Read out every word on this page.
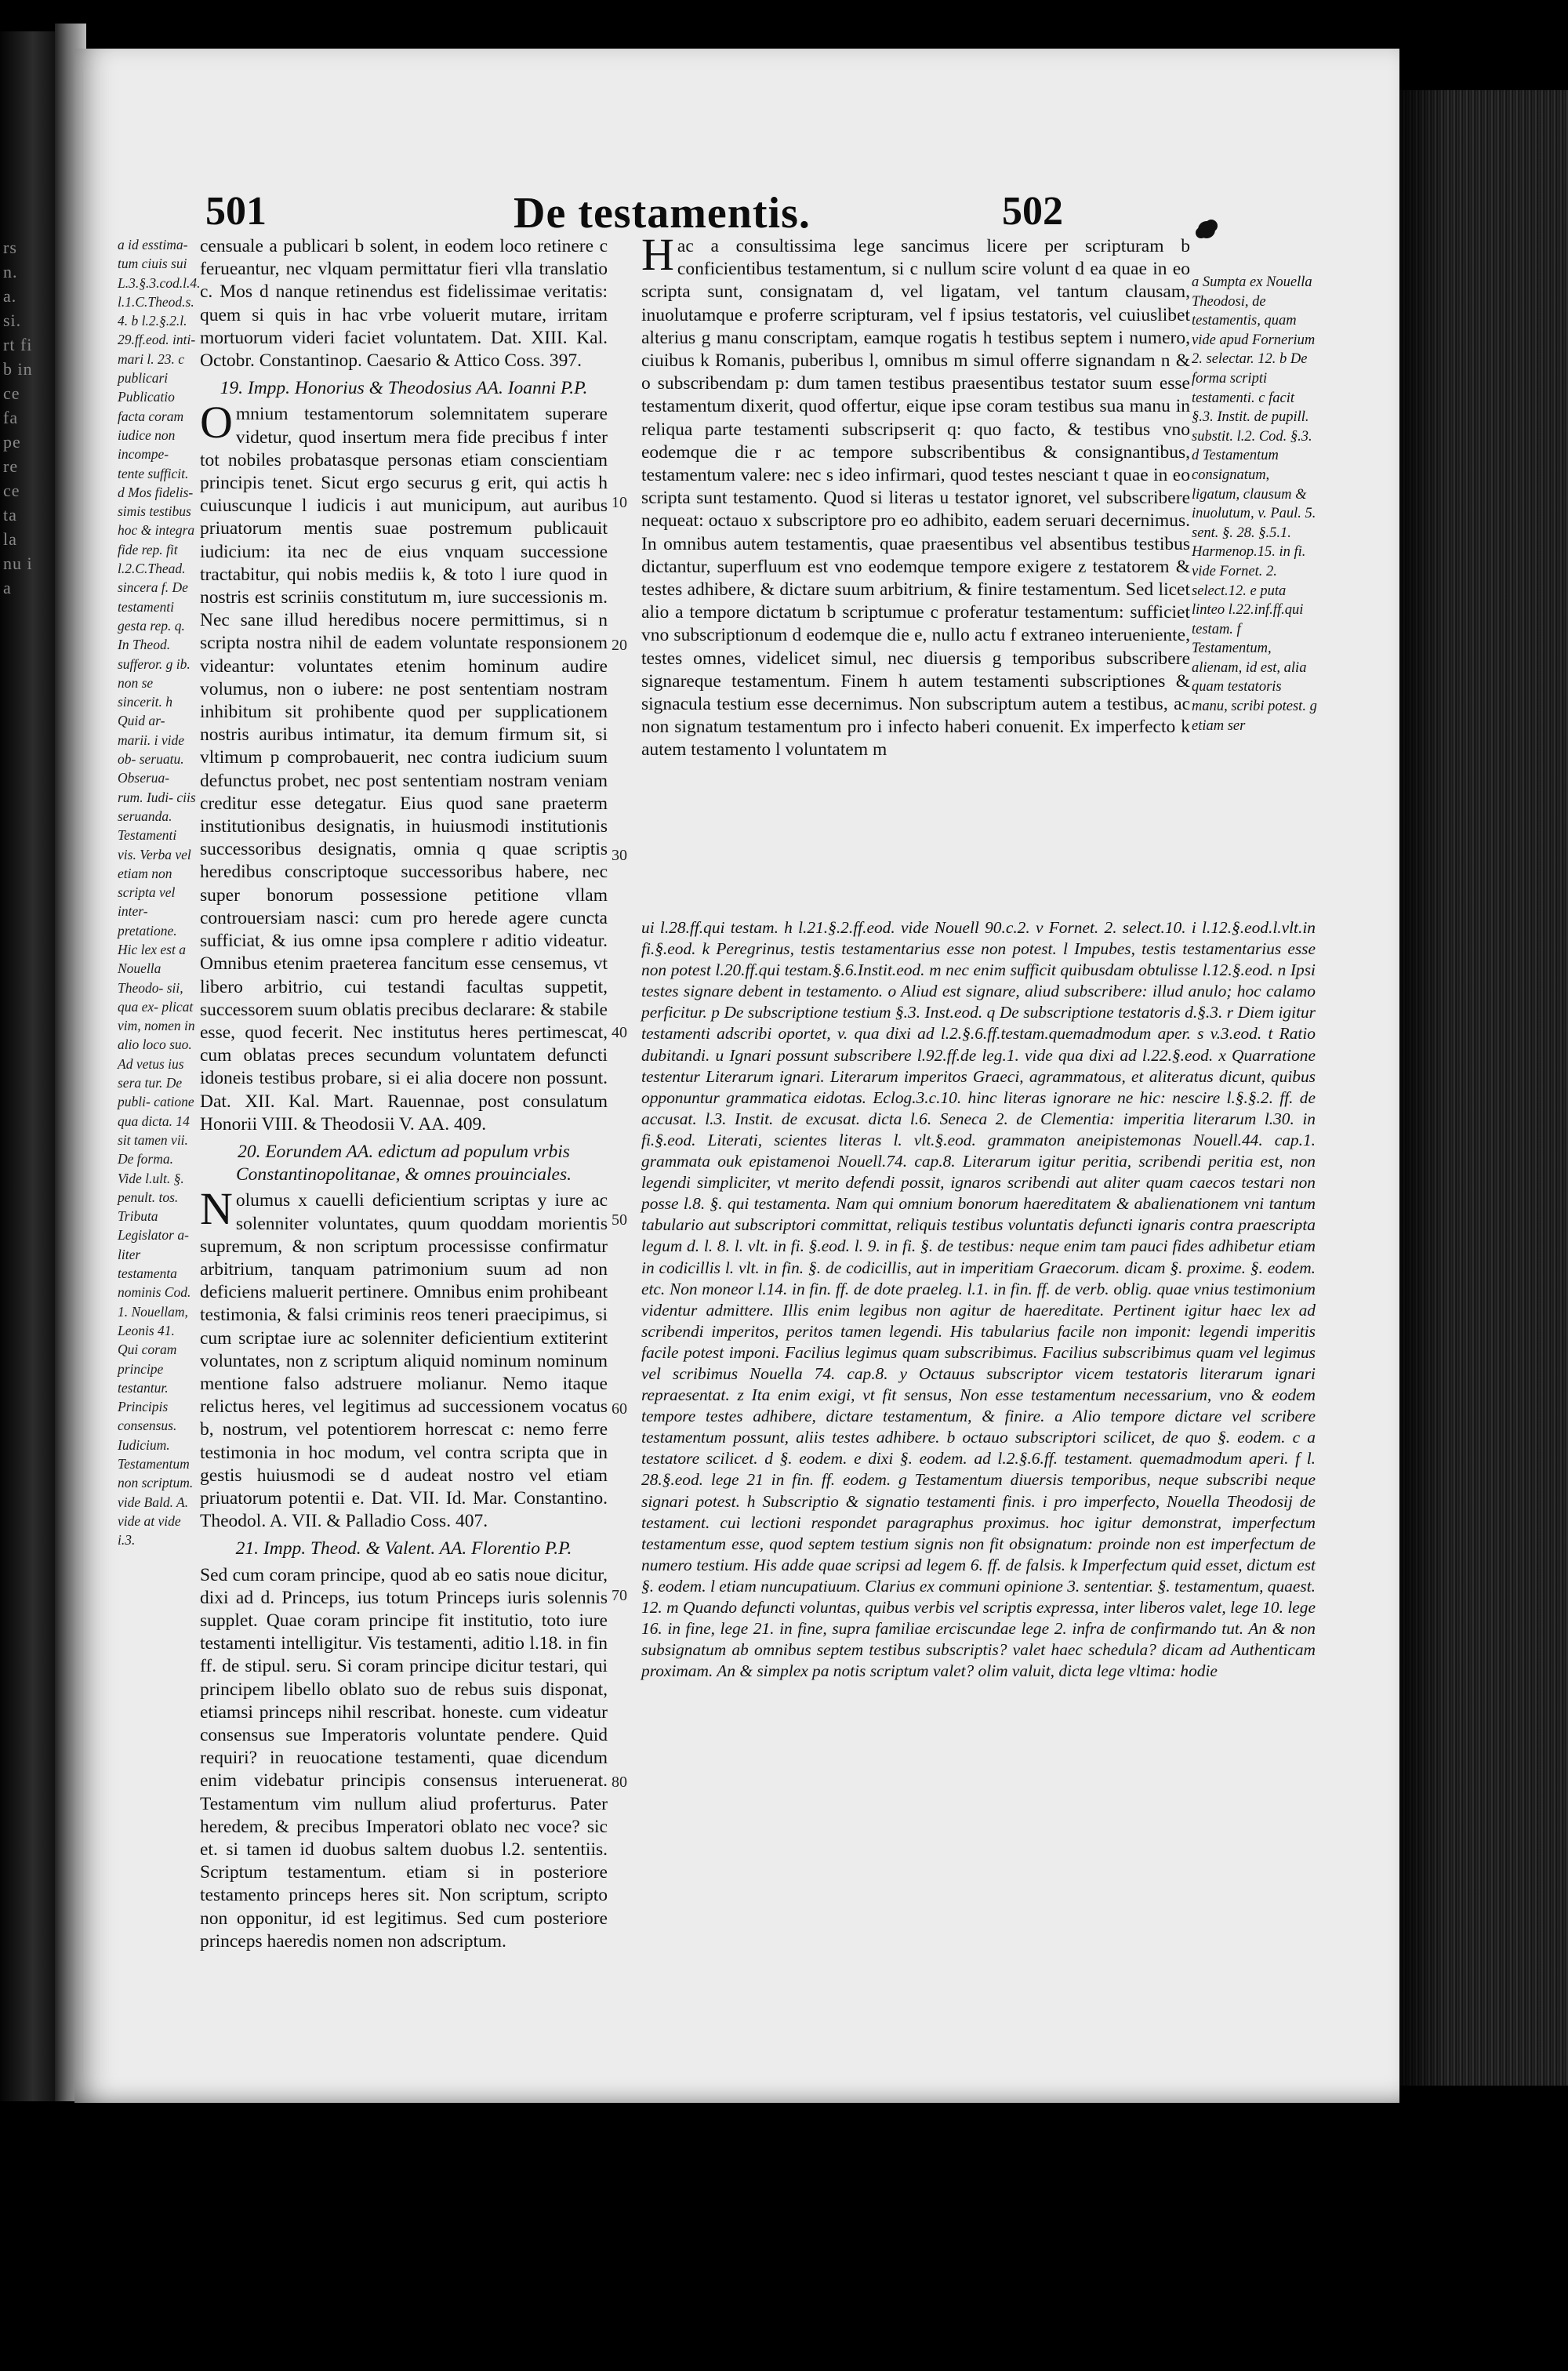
rs n. a. si. rt fi b in ce fa pe re ce ta la nu i a
501	De testamentis.	502
a id esstima- tum ciuis sui L.3.§.3.cod.l.4. l.1.C.Theod.s. 4. b l.2.§.2.l. 29.ff.eod. inti- mari l. 23. c publicari Publicatio facta coram iudice non incompe- tente sufficit. d Mos fidelis- simis testibus hoc & integra fide rep. fit l.2.C.Thead. sincera f. De testamenti gesta rep. q. In Theod. sufferor. g ib. non se sincerit. h Quid ar- marii. i vide ob- seruatu. Obserua- rum. Iudi- ciis seruanda. Testamenti vis. Verba vel etiam non scripta vel inter- pretatione. Hic lex est a Nouella Theodo- sii, qua ex- plicat vim, nomen in alio loco suo. Ad vetus ius sera tur. De publi- catione qua dicta. 14 sit tamen vii. De forma. Vide l.ult. §. penult. tos. Tributa Legislator a- liter testamenta nominis Cod. 1. Nouellam, Leonis 41. Qui coram principe testantur. Principis consensus. Iudicium. Testamentum non scriptum. vide Bald. A. vide at vide i.3.

censuale a publicari b solent, in eodem loco retinere c ferueantur, nec vlquam permittatur fieri vlla translatio c. Mos d nanque retinendus est fidelissimae veritatis: quem si quis in hac vrbe voluerit mutare, irritam mortuorum videri faciet voluntatem. Dat. XIII. Kal. Octobr. Constantinop. Caesario & Attico Coss. 397.

19. Impp. Honorius & Theodosius AA. Ioanni P.P.

Omnium testamentorum solemnitatem superare videtur, quod insertum mera fide precibus f inter tot nobiles probatasque personas etiam conscientiam principis tenet. Sicut ergo securus g erit, qui actis h cuiuscunque l iudicis i aut municipum, aut auribus priuatorum mentis suae postremum publicauit iudicium: ita nec de eius vnquam successione tractabitur, qui nobis mediis k, & toto l iure quod in nostris est scriniis constitutum m, iure successionis m. Nec sane illud heredibus nocere permittimus, si n scripta nostra nihil de eadem voluntate responsionem videantur: voluntates etenim hominum audire volumus, non o iubere: ne post sententiam nostram inhibitum sit prohibente quod per supplicationem nostris auribus intimatur, ita demum firmum sit, si vltimum p comprobauerit, nec contra iudicium suum defunctus probet, nec post sententiam nostram veniam creditur esse detegatur. Eius quod sane praeterm institutionibus designatis, in huiusmodi institutionis successoribus designatis, omnia q quae scriptis heredibus conscriptoque successoribus habere, nec super bonorum possessione petitione vllam controuersiam nasci: cum pro herede agere cuncta sufficiat, & ius omne ipsa complere r aditio videatur. Omnibus etenim praeterea fancitum esse censemus, vt libero arbitrio, cui testandi facultas suppetit, successorem suum oblatis precibus declarare: & stabile esse, quod fecerit. Nec institutus heres pertimescat, cum oblatas preces secundum voluntatem defuncti idoneis testibus probare, si ei alia docere non possunt. Dat. XII. Kal. Mart. Rauennae, post consulatum Honorii VIII. & Theodosii V. AA. 409.

20. Eorundem AA. edictum ad populum vrbis Constantinopolitanae, & omnes prouinciales.

Nolumus x cauelli deficientium scriptas y iure ac solenniter voluntates, quum quoddam morientis supremum, & non scriptum processisse confirmatur arbitrium, tanquam patrimonium suum ad non deficiens maluerit pertinere. Omnibus enim prohibeant testimonia, & falsi criminis reos teneri praecipimus, si cum scriptae iure ac solenniter deficientium extiterint voluntates, non z scriptum aliquid nominum nominum mentione falso adstruere molianur. Nemo itaque relictus heres, vel legitimus ad successionem vocatus b, nostrum, vel potentiorem horrescat c: nemo ferre testimonia in hoc modum, vel contra scripta que in gestis huiusmodi se d audeat nostro vel etiam priuatorum potentii e. Dat. VII. Id. Mar. Constantino. Theodol. A. VII. & Palladio Coss. 407.

21. Impp. Theod. & Valent. AA. Florentio P.P.

Sed cum coram principe, quod ab eo satis noue dicitur, dixi ad d. Princeps, ius totum Princeps iuris solennis supplet. Quae coram principe fit institutio, toto iure testamenti intelligitur. Vis testamenti, aditio l.18. in fin ff. de stipul. seru. Si coram principe dicitur testari, qui principem libello oblato suo de rebus suis disponat, etiamsi princeps nihil rescribat. honeste. cum videatur consensus sue Imperatoris voluntate pendere. Quid requiri? in reuocatione testamenti, quae dicendum enim videbatur principis consensus interuenerat. Testamentum vim nullum aliud proferturus. Pater heredem, & precibus Imperatori oblato nec voce? sic et. si tamen id duobus saltem duobus l.2. sententiis. Scriptum testamentum. etiam si in posteriore testamento princeps heres sit. Non scriptum, scripto non opponitur, id est legitimus. Sed cum posteriore princeps haeredis nomen non adscriptum.

10
20
30
40
50
60
70
80

Hac a consultissima lege sancimus licere per scripturam b conficientibus testamentum, si c nullum scire volunt d ea quae in eo scripta sunt, consignatam d, vel ligatam, vel tantum clausam, inuolutamque e proferre scripturam, vel f ipsius testatoris, vel cuiuslibet alterius g manu conscriptam, eamque rogatis h testibus septem i numero, ciuibus k Romanis, puberibus l, omnibus m simul offerre signandam n & o subscribendam p: dum tamen testibus praesentibus testator suum esse testamentum dixerit, quod offertur, eique ipse coram testibus sua manu in reliqua parte testamenti subscripserit q: quo facto, & testibus vno eodemque die r ac tempore subscribentibus & consignantibus, testamentum valere: nec s ideo infirmari, quod testes nesciant t quae in eo scripta sunt testamento. Quod si literas u testator ignoret, vel subscribere nequeat: octauo x subscriptore pro eo adhibito, eadem seruari decernimus. In omnibus autem testamentis, quae praesentibus vel absentibus testibus dictantur, superfluum est vno eodemque tempore exigere z testatorem & testes adhibere, & dictare suum arbitrium, & finire testamentum. Sed licet alio a tempore dictatum b scriptumue c proferatur testamentum: sufficiet vno subscriptionum d eodemque die e, nullo actu f extraneo interueniente, testes omnes, videlicet simul, nec diuersis g temporibus subscribere signareque testamentum. Finem h autem testamenti subscriptiones & signacula testium esse decernimus. Non subscriptum autem a testibus, ac non signatum testamentum pro i infecto haberi conuenit. Ex imperfecto k autem testamento l voluntatem m

a Sumpta ex Nouella Theodosi, de testamentis, quam vide apud Fornerium 2. selectar. 12. b De forma scripti testamenti. c facit §.3. Instit. de pupill. substit. l.2. Cod. §.3. d Testamentum consignatum, ligatum, clausum & inuolutum, v. Paul. 5. sent. §. 28. §.5.1. Harmenop.15. in fi. vide Fornet. 2. select.12. e puta linteo l.22.inf.ff.qui testam. f Testamentum, alienam, id est, alia quam testatoris manu, scribi potest. g etiam ser
ui l.28.ff.qui testam. h l.21.§.2.ff.eod. vide Nouell 90.c.2. v Fornet. 2. select.10. i l.12.§.eod.l.vlt.in fi.§.eod. k Peregrinus, testis testamentarius esse non potest. l Impubes, testis testamentarius esse non potest l.20.ff.qui testam.§.6.Instit.eod. m nec enim sufficit quibusdam obtulisse l.12.§.eod. n Ipsi testes signare debent in testamento. o Aliud est signare, aliud subscribere: illud anulo; hoc calamo perficitur. p De subscriptione testium §.3. Inst.eod. q De subscriptione testatoris d.§.3. r Diem igitur testamenti adscribi oportet, v. qua dixi ad l.2.§.6.ff.testam.quemadmodum aper. s v.3.eod. t Ratio dubitandi. u Ignari possunt subscribere l.92.ff.de leg.1. vide qua dixi ad l.22.§.eod. x Quarratione testentur Literarum ignari. Literarum imperitos Graeci, agrammatous, et aliteratus dicunt, quibus opponuntur grammatica eidotas. Eclog.3.c.10. hinc literas ignorare ne hic: nescire l.§.§.2. ff. de accusat. l.3. Instit. de excusat. dicta l.6. Seneca 2. de Clementia: imperitia literarum l.30. in fi.§.eod. Literati, scientes literas l. vlt.§.eod. grammaton aneipistemonas Nouell.44. cap.1. grammata ouk epistamenoi Nouell.74. cap.8. Literarum igitur peritia, scribendi peritia est, non legendi simpliciter, vt merito defendi possit, ignaros scribendi aut aliter quam caecos testari non posse l.8. §. qui testamenta. Nam qui omnium bonorum haereditatem & abalienationem vni tantum tabulario aut subscriptori committat, reliquis testibus voluntatis defuncti ignaris contra praescripta legum d. l. 8. l. vlt. in fi. §.eod. l. 9. in fi. §. de testibus: neque enim tam pauci fides adhibetur etiam in codicillis l. vlt. in fin. §. de codicillis, aut in imperitiam Graecorum. dicam §. proxime. §. eodem. etc. Non moneor l.14. in fin. ff. de dote praeleg. l.1. in fin. ff. de verb. oblig. quae vnius testimonium videntur admittere. Illis enim legibus non agitur de haereditate. Pertinent igitur haec lex ad scribendi imperitos, peritos tamen legendi. His tabularius facile non imponit: legendi imperitis facile potest imponi. Facilius legimus quam subscribimus. Facilius subscribimus quam vel legimus vel scribimus Nouella 74. cap.8. y Octauus subscriptor vicem testatoris literarum ignari repraesentat. z Ita enim exigi, vt fit sensus, Non esse testamentum necessarium, vno & eodem tempore testes adhibere, dictare testamentum, & finire. a Alio tempore dictare vel scribere testamentum possunt, aliis testes adhibere. b octauo subscriptori scilicet, de quo §. eodem. c a testatore scilicet. d §. eodem. e dixi §. eodem. ad l.2.§.6.ff. testament. quemadmodum aperi. f l. 28.§.eod. lege 21 in fin. ff. eodem. g Testamentum diuersis temporibus, neque subscribi neque signari potest. h Subscriptio & signatio testamenti finis. i pro imperfecto, Nouella Theodosij de testament. cui lectioni respondet paragraphus proximus. hoc igitur demonstrat, imperfectum testamentum esse, quod septem testium signis non fit obsignatum: proinde non est imperfectum de numero testium. His adde quae scripsi ad legem 6. ff. de falsis. k Imperfectum quid esset, dictum est §. eodem. l etiam nuncupatiuum. Clarius ex communi opinione 3. sententiar. §. testamentum, quaest. 12. m Quando defuncti voluntas, quibus verbis vel scriptis expressa, inter liberos valet, lege 10. lege 16. in fine, lege 21. in fine, supra familiae erciscundae lege 2. infra de confirmando tut. An & non subsignatum ab omnibus septem testibus subscriptis? valet haec schedula? dicam ad Authenticam proximam. An & simplex pa notis scriptum valet? olim valuit, dicta lege vltima: hodie
